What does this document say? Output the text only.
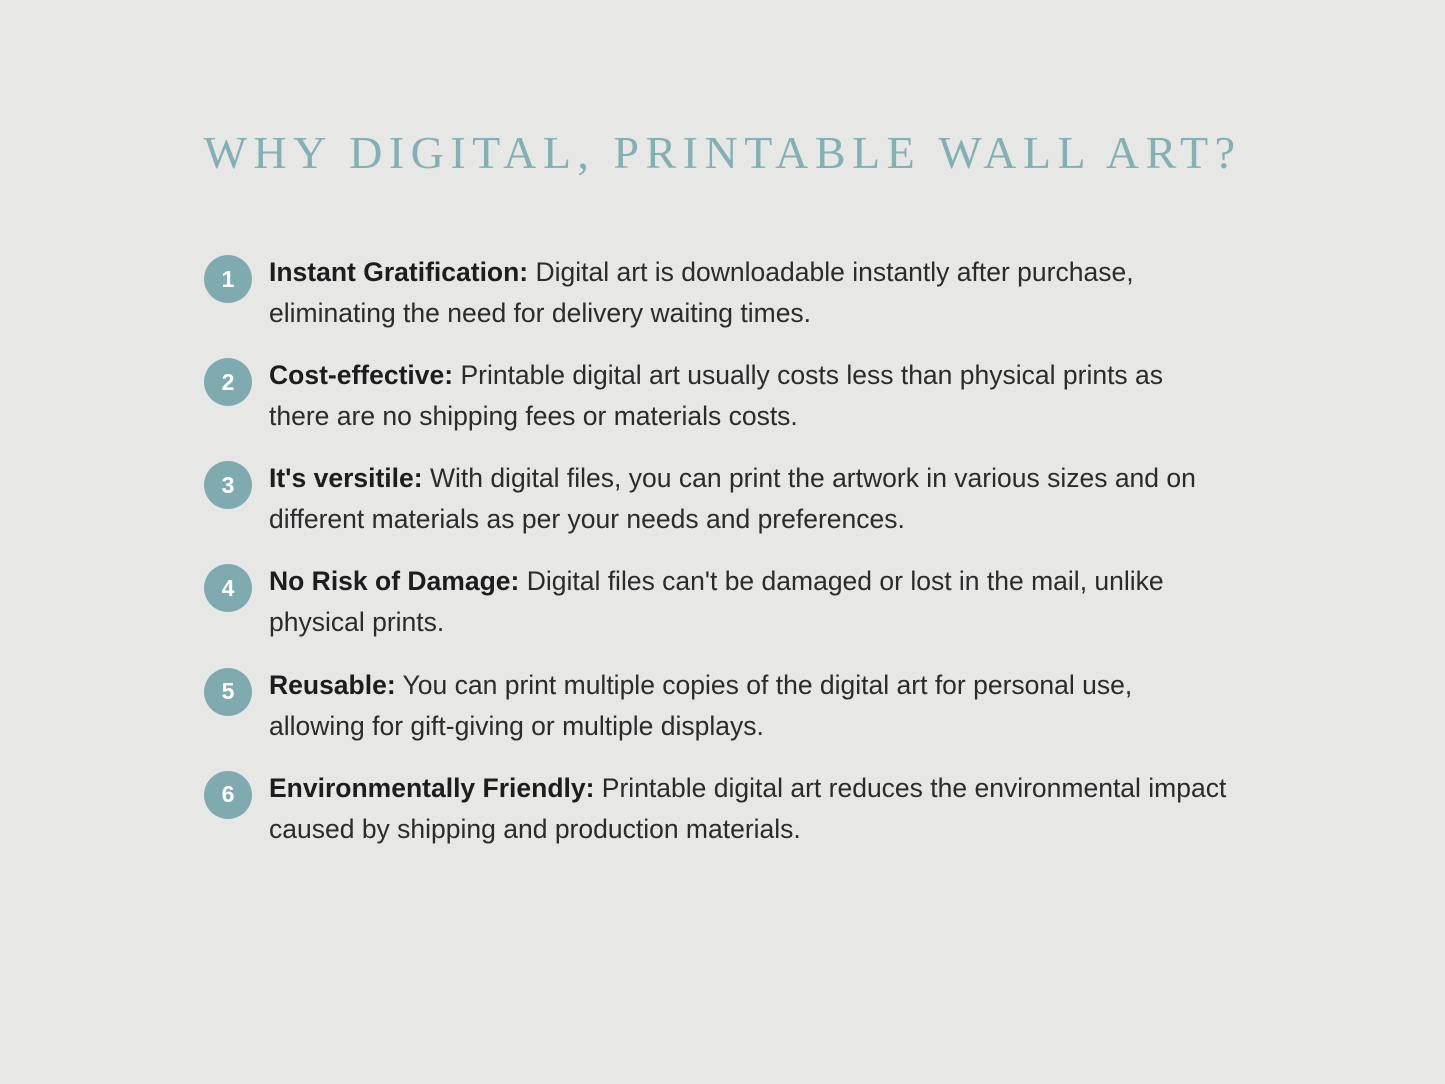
WHY DIGITAL, PRINTABLE WALL ART?
1	Instant Gratification: Digital art is downloadable instantly after purchase, eliminating the need for delivery waiting times.
2	Cost-effective: Printable digital art usually costs less than physical prints as there are no shipping fees or materials costs.
3	It's versitile: With digital files, you can print the artwork in various sizes and on different materials as per your needs and preferences.
4	No Risk of Damage: Digital files can't be damaged or lost in the mail, unlike physical prints.
5	Reusable: You can print multiple copies of the digital art for personal use, allowing for gift-giving or multiple displays.
6	Environmentally Friendly: Printable digital art reduces the environmental impact caused by shipping and production materials.
